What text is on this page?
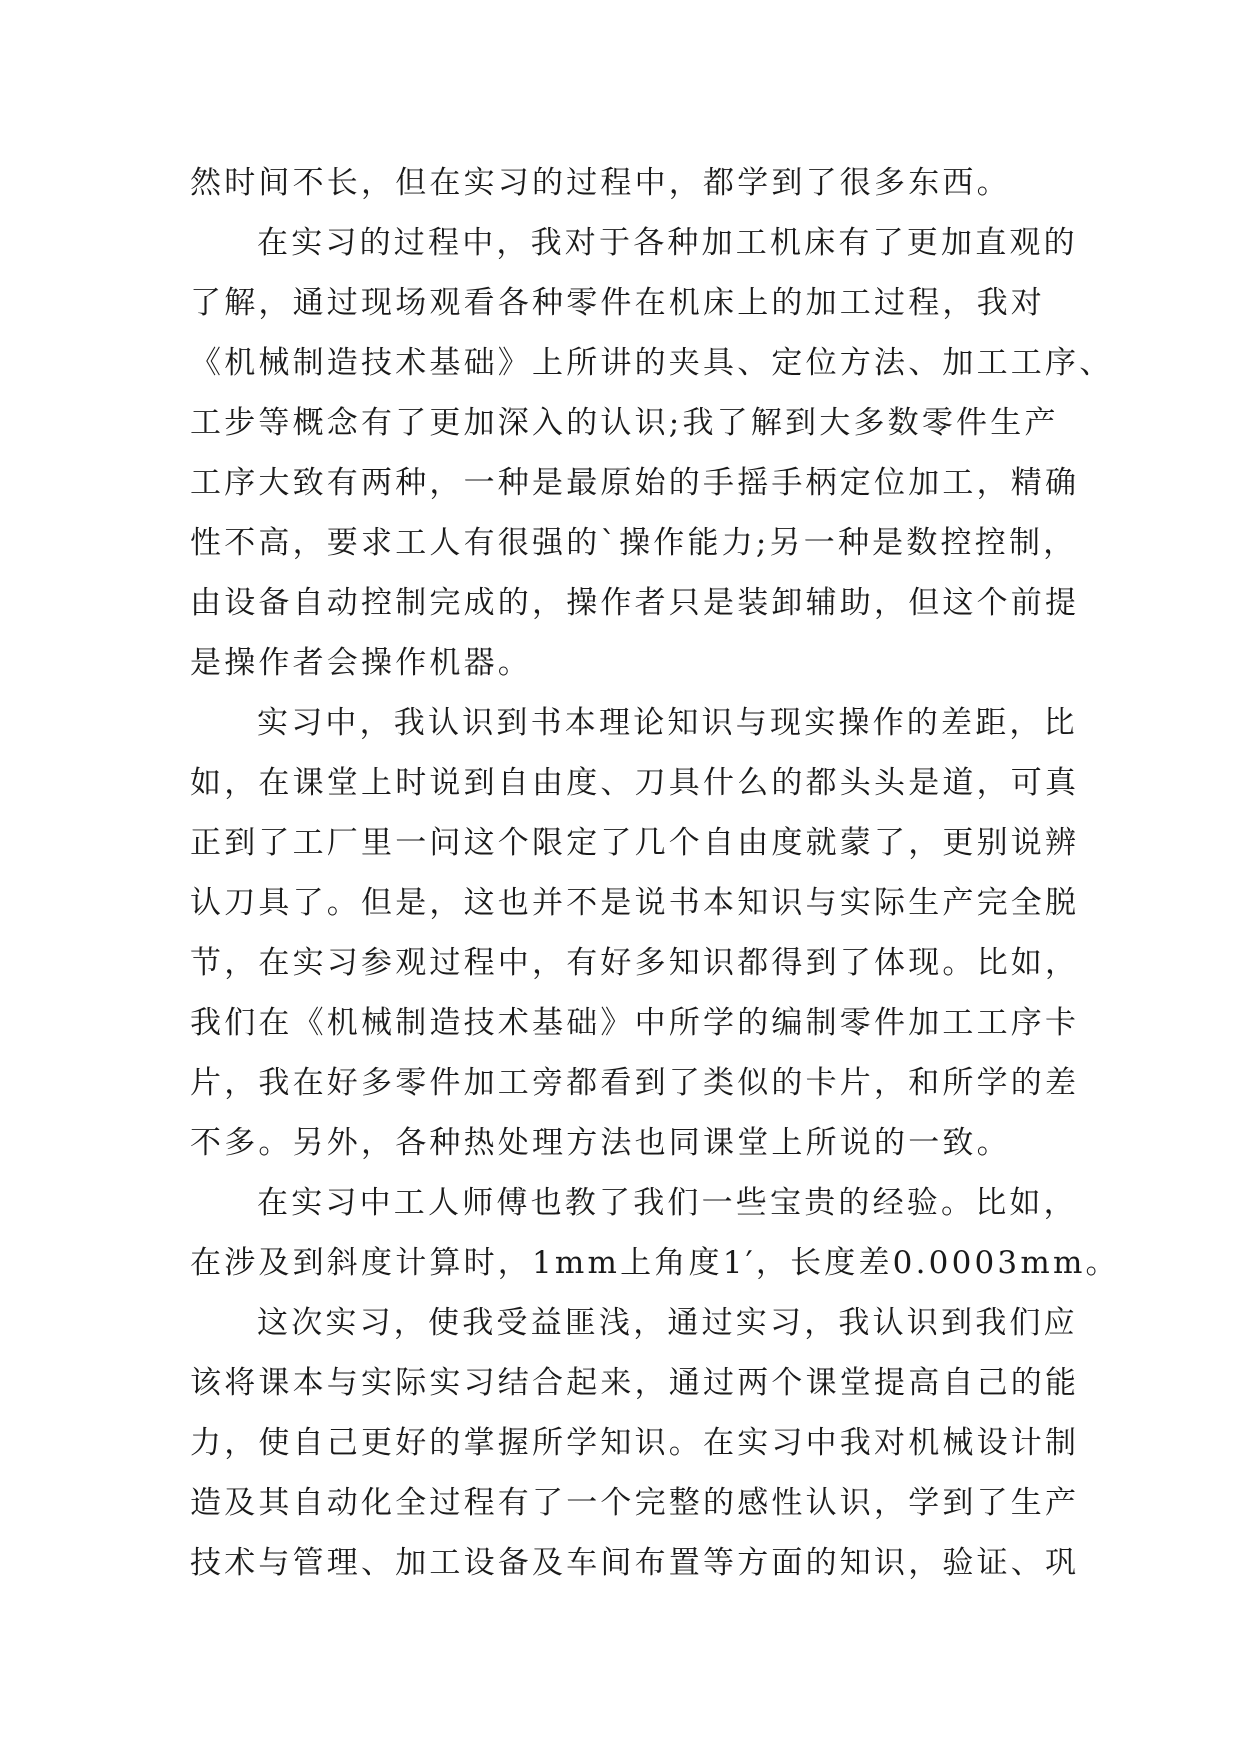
然时间不长，但在实习的过程中，都学到了很多东西。
在实习的过程中，我对于各种加工机床有了更加直观的
了解，通过现场观看各种零件在机床上的加工过程，我对
《机械制造技术基础》上所讲的夹具、定位方法、加工工序、
工步等概念有了更加深入的认识;我了解到大多数零件生产
工序大致有两种，一种是最原始的手摇手柄定位加工，精确
性不高，要求工人有很强的`操作能力;另一种是数控控制，
由设备自动控制完成的，操作者只是装卸辅助，但这个前提
是操作者会操作机器。
实习中，我认识到书本理论知识与现实操作的差距，比
如，在课堂上时说到自由度、刀具什么的都头头是道，可真
正到了工厂里一问这个限定了几个自由度就蒙了，更别说辨
认刀具了。但是，这也并不是说书本知识与实际生产完全脱
节，在实习参观过程中，有好多知识都得到了体现。比如，
我们在《机械制造技术基础》中所学的编制零件加工工序卡
片，我在好多零件加工旁都看到了类似的卡片，和所学的差
不多。另外，各种热处理方法也同课堂上所说的一致。
在实习中工人师傅也教了我们一些宝贵的经验。比如，
在涉及到斜度计算时，1mm上角度1′，长度差0.0003mm。
这次实习，使我受益匪浅，通过实习，我认识到我们应
该将课本与实际实习结合起来，通过两个课堂提高自己的能
力，使自己更好的掌握所学知识。在实习中我对机械设计制
造及其自动化全过程有了一个完整的感性认识，学到了生产
技术与管理、加工设备及车间布置等方面的知识，验证、巩
